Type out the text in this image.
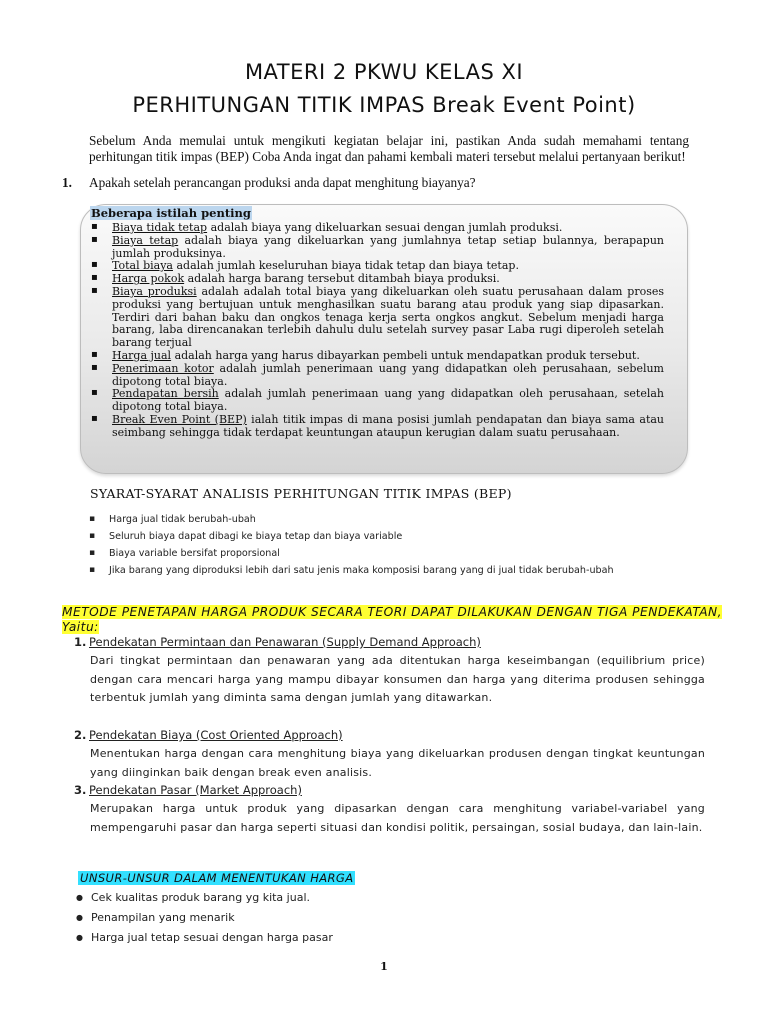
MATERI 2 PKWU KELAS XI
PERHITUNGAN TITIK IMPAS Break Event Point)

Sebelum Anda memulai untuk mengikuti kegiatan belajar ini, pastikan Anda sudah memahami tentang perhitungan titik impas (BEP) Coba Anda ingat dan pahami kembali materi tersebut melalui pertanyaan berikut!

1. Apakah setelah perancangan produksi anda dapat menghitung biayanya?
Beberapa istilah penting
▪ Biaya tidak tetap adalah biaya yang dikeluarkan sesuai dengan jumlah produksi.
▪ Biaya tetap adalah biaya yang dikeluarkan yang jumlahnya tetap setiap bulannya, berapapun jumlah produksinya.
▪ Total biaya adalah jumlah keseluruhan biaya tidak tetap dan biaya tetap.
▪ Harga pokok adalah harga barang tersebut ditambah biaya produksi.
▪ Biaya produksi adalah adalah total biaya yang dikeluarkan oleh suatu perusahaan dalam proses produksi yang bertujuan untuk menghasilkan suatu barang atau produk yang siap dipasarkan. Terdiri dari bahan baku dan ongkos tenaga kerja serta ongkos angkut. Sebelum menjadi harga barang, laba direncanakan terlebih dahulu dulu setelah survey pasar Laba rugi diperoleh setelah barang terjual
▪ Harga jual adalah harga yang harus dibayarkan pembeli untuk mendapatkan produk tersebut.
▪ Penerimaan kotor adalah jumlah penerimaan uang yang didapatkan oleh perusahaan, sebelum dipotong total biaya.
▪ Pendapatan bersih adalah jumlah penerimaan uang yang didapatkan oleh perusahaan, setelah dipotong total biaya.
▪ Break Even Point (BEP) ialah titik impas di mana posisi jumlah pendapatan dan biaya sama atau seimbang sehingga tidak terdapat keuntungan ataupun kerugian dalam suatu perusahaan.
SYARAT-SYARAT ANALISIS PERHITUNGAN TITIK IMPAS (BEP)
▪ Harga jual tidak berubah-ubah
▪ Seluruh biaya dapat dibagi ke biaya tetap dan biaya variable
▪ Biaya variable bersifat proporsional
▪ Jika barang yang diproduksi lebih dari satu jenis maka komposisi barang yang di jual tidak berubah-ubah
METODE PENETAPAN HARGA PRODUK SECARA TEORI DAPAT DILAKUKAN DENGAN TIGA PENDEKATAN, Yaitu:
1. Pendekatan Permintaan dan Penawaran (Supply Demand Approach)
Dari tingkat permintaan dan penawaran yang ada ditentukan harga keseimbangan (equilibrium price) dengan cara mencari harga yang mampu dibayar konsumen dan harga yang diterima produsen sehingga terbentuk jumlah yang diminta sama dengan jumlah yang ditawarkan.
2. Pendekatan Biaya (Cost Oriented Approach)
Menentukan harga dengan cara menghitung biaya yang dikeluarkan produsen dengan tingkat keuntungan yang diinginkan baik dengan break even analisis.
3. Pendekatan Pasar (Market Approach)
Merupakan harga untuk produk yang dipasarkan dengan cara menghitung variabel-variabel yang mempengaruhi pasar dan harga seperti situasi dan kondisi politik, persaingan, sosial budaya, dan lain-lain.
UNSUR-UNSUR DALAM MENENTUKAN HARGA
● Cek kualitas produk barang yg kita jual.
● Penampilan yang menarik
● Harga jual tetap sesuai dengan harga pasar
1
